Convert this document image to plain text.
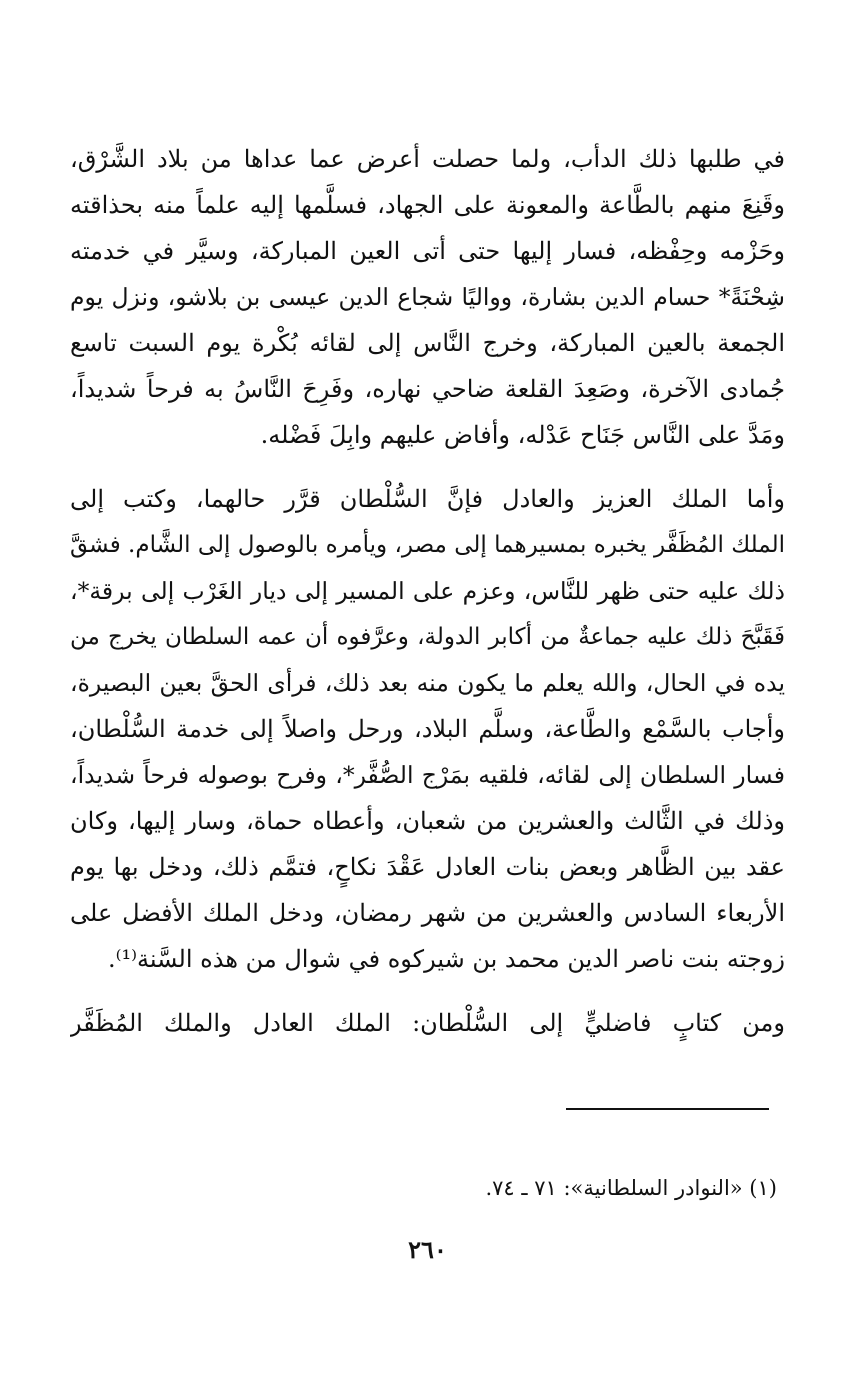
في طلبها ذلك الدأب، ولما حصلت أعرض عما عداها من بلاد الشَّرْق،
وقَنِعَ منهم بالطَّاعة والمعونة على الجهاد، فسلَّمها إليه علماً منه بحذاقته
وحَزْمه وحِفْظه، فسار إليها حتى أتى العين المباركة، وسيَّر في خدمته
شِحْنَةً* حسام الدين بشارة، وواليًا شجاع الدين عيسى بن بلاشو، ونزل يوم
الجمعة بالعين المباركة، وخرج النَّاس إلى لقائه بُكْرة يوم السبت تاسع
جُمادى الآخرة، وصَعِدَ القلعة ضاحي نهاره، وفَرِحَ النَّاسُ به فرحاً شديداً،
ومَدَّ على النَّاس جَنَاح عَدْله، وأفاض عليهم وابِلَ فَضْله.
وأما الملك العزيز والعادل فإنَّ السُّلْطان قرَّر حالهما، وكتب إلى
الملك المُظَفَّر يخبره بمسيرهما إلى مصر، ويأمره بالوصول إلى الشَّام. فشقَّ
ذلك عليه حتى ظهر للنَّاس، وعزم على المسير إلى ديار الغَرْب إلى برقة*،
فَقَبَّحَ ذلك عليه جماعةٌ من أكابر الدولة، وعرَّفوه أن عمه السلطان يخرج من
يده في الحال، والله يعلم ما يكون منه بعد ذلك، فرأى الحقَّ بعين البصيرة،
وأجاب بالسَّمْع والطَّاعة، وسلَّم البلاد، ورحل واصلاً إلى خدمة السُّلْطان،
فسار السلطان إلى لقائه، فلقيه بمَرْج الصُّفَّر*، وفرح بوصوله فرحاً شديداً،
وذلك في الثَّالث والعشرين من شعبان، وأعطاه حماة، وسار إليها، وكان
عقد بين الظَّاهر وبعض بنات العادل عَقْدَ نكاحٍ، فتمَّم ذلك، ودخل بها يوم
الأربعاء السادس والعشرين من شهر رمضان، ودخل الملك الأفضل على
زوجته بنت ناصر الدين محمد بن شيركوه في شوال من هذه السَّنة⁽¹⁾.
ومن كتابٍ فاضليٍّ إلى السُّلْطان: الملك العادل والملك المُظَفَّر
(١) «النوادر السلطانية»: ٧١ ـ ٧٤.
٢٦٠
